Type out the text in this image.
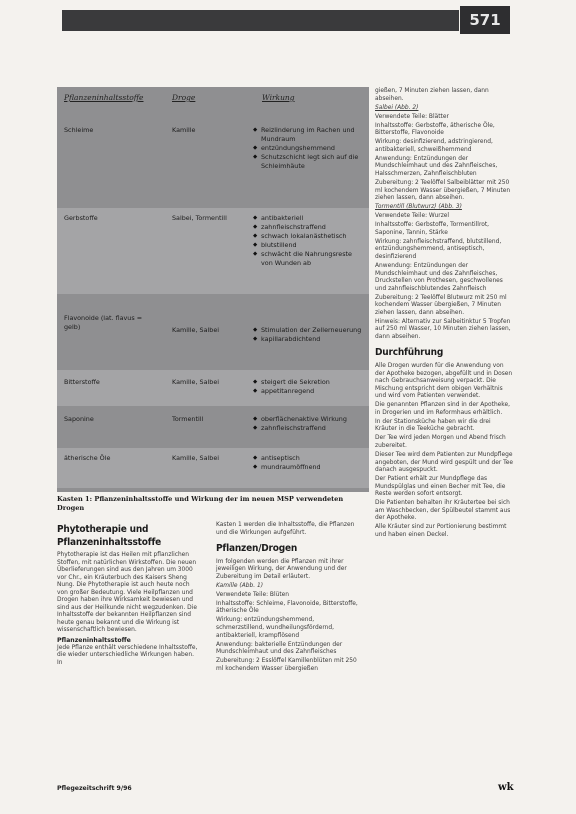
571
Pflanzeninhaltsstoffe	Droge	Wirkung
Schleime	Kamille	◆ Reizlinderung im Rachen und Mundraum
◆ entzündungshemmend
◆ Schutzschicht legt sich auf die Schleimhäute
Gerbstoffe	Salbei, Tormentill	◆ antibakteriell
◆ zahnfleischstraffend
◆ schwach lokalanästhetisch
◆ blutstillend
◆ schwächt die Nahrungsreste von Wunden ab
Flavonoide (lat. flavus = gelb)	Kamille, Salbei	◆ Stimulation der Zellerneuerung
◆ kapillarabdichtend
Bitterstoffe	Kamille, Salbei	◆ steigert die Sekretion
◆ appetitanregend
Saponine	Tormentill	◆ oberflächenaktive Wirkung
◆ zahnfleischstraffend
ätherische Öle	Kamille, Salbei	◆ antiseptisch
◆ mundraumöffnend
Kasten 1: Pflanzeninhaltsstoffe und Wirkung der im neuen MSP verwendeten Drogen
Phytotherapie und Pflanzeninhaltsstoffe

Phytotherapie ist das Heilen mit pflanzlichen Stoffen, mit natürlichen Wirkstoffen. Die neuen Überlieferungen sind aus den Jahren um 3000 vor Chr., ein Kräuterbuch des Kaisers Sheng Nung. Die Phytotherapie ist auch heute noch von großer Bedeutung. Viele Heilpflanzen und Drogen haben ihre Wirksamkeit bewiesen und sind aus der Heilkunde nicht wegzudenken. Die Inhaltsstoffe der bekannten Heilpflanzen sind heute genau bekannt und die Wirkung ist wissenschaftlich bewiesen.

Pflanzeninhaltsstoffe

Jede Pflanze enthält verschiedene Inhaltsstoffe, die wieder unterschiedliche Wirkungen haben. In

Kasten 1 werden die Inhaltsstoffe, die Pflanzen und die Wirkungen aufgeführt.

Pflanzen/Drogen

Im folgenden werden die Pflanzen mit ihrer jeweiligen Wirkung, der Anwendung und der Zubereitung im Detail erläutert.

Kamille (Abb. 1)

Verwendete Teile: Blüten

Inhaltsstoffe: Schleime, Flavonoide, Bitterstoffe, ätherische Öle

Wirkung: entzündungshemmend, schmerzstillend, wundheilungsfördernd, antibakteriell, krampflösend

Anwendung: bakterielle Entzündungen der Mundschleimhaut und des Zahnfleisches

Zubereitung: 2 Esslöffel Kamillenblüten mit 250 ml kochendem Wasser übergießen

gießen, 7 Minuten ziehen lassen, dann abseihen.

Salbei (Abb. 2)

Verwendete Teile: Blätter

Inhaltsstoffe: Gerbstoffe, ätherische Öle, Bitterstoffe, Flavonoide

Wirkung: desinfizierend, adstringierend, antibakteriell, schweißhemmend

Anwendung: Entzündungen der Mundschleimhaut und des Zahnfleisches, Halsschmerzen, Zahnfleischbluten

Zubereitung: 2 Teelöffel Salbeiblätter mit 250 ml kochendem Wasser übergießen, 7 Minuten ziehen lassen, dann abseihen.

Tormentill (Blutwurz) (Abb. 3)

Verwendete Teile: Wurzel

Inhaltsstoffe: Gerbstoffe, Tormentillrot, Saponine, Tannin, Stärke

Wirkung: zahnfleischstraffend, blutstillend, entzündungshemmend, antiseptisch, desinfizierend

Anwendung: Entzündungen der Mundschleimhaut und des Zahnfleisches, Druckstellen von Prothesen, geschwollenes und zahnfleischblutendes Zahnfleisch

Zubereitung: 2 Teelöffel Blutwurz mit 250 ml kochendem Wasser übergießen, 7 Minuten ziehen lassen, dann abseihen.

Hinweis: Alternativ zur Salbeitinktur 5 Tropfen auf 250 ml Wasser, 10 Minuten ziehen lassen, dann abseihen.

Durchführung

Alle Drogen wurden für die Anwendung von der Apotheke bezogen, abgefüllt und in Dosen nach Gebrauchsanweisung verpackt. Die Mischung entspricht dem obigen Verhältnis und wird vom Patienten verwendet.

Die genannten Pflanzen sind in der Apotheke, in Drogerien und im Reformhaus erhältlich.

In der Stationsküche haben wir die drei Kräuter in die Teeküche gebracht.

Der Tee wird jeden Morgen und Abend frisch zubereitet.

Dieser Tee wird dem Patienten zur Mundpflege angeboten, der Mund wird gespült und der Tee danach ausgespuckt.

Der Patient erhält zur Mundpflege das Mundspülglas und einen Becher mit Tee, die Reste werden sofort entsorgt.

Die Patienten behalten ihr Kräutertee bei sich am Waschbecken, der Spülbeutel stammt aus der Apotheke.

Alle Kräuter sind zur Portionierung bestimmt und haben einen Deckel.

Pflegezeitschrift 9/96	wk
